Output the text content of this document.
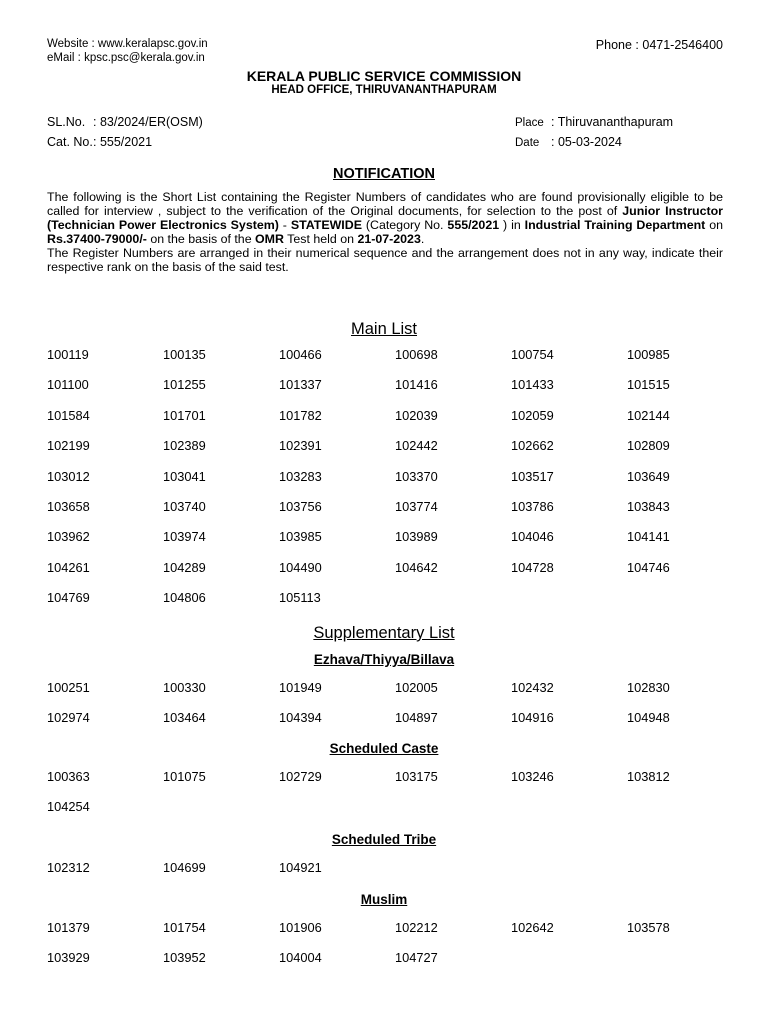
Website : www.keralapsc.gov.in
eMail : kpsc.psc@kerala.gov.in
Phone : 0471-2546400
KERALA PUBLIC SERVICE COMMISSION
HEAD OFFICE, THIRUVANANTHAPURAM
SL.No. : 83/2024/ER(OSM)
Cat. No.: 555/2021
Place : Thiruvananthapuram
Date : 05-03-2024
NOTIFICATION

The following is the Short List containing the Register Numbers of candidates who are found provisionally eligible to be called for interview , subject to the verification of the Original documents, for selection to the post of Junior Instructor (Technician Power Electronics System) - STATEWIDE (Category No. 555/2021 ) in Industrial Training Department on Rs.37400-79000/- on the basis of the OMR Test held on 21-07-2023.

The Register Numbers are arranged in their numerical sequence and the arrangement does not in any way, indicate their respective rank on the basis of the said test.

Main List
100119	100135	100466	100698	100754	100985
101100	101255	101337	101416	101433	101515
101584	101701	101782	102039	102059	102144
102199	102389	102391	102442	102662	102809
103012	103041	103283	103370	103517	103649
103658	103740	103756	103774	103786	103843
103962	103974	103985	103989	104046	104141
104261	104289	104490	104642	104728	104746
104769	104806	105113
Supplementary List
Ezhava/Thiyya/Billava
100251	100330	101949	102005	102432	102830
102974	103464	104394	104897	104916	104948
Scheduled Caste
100363	101075	102729	103175	103246	103812
104254
Scheduled Tribe
102312	104699	104921
Muslim
101379	101754	101906	102212	102642	103578
103929	103952	104004	104727
